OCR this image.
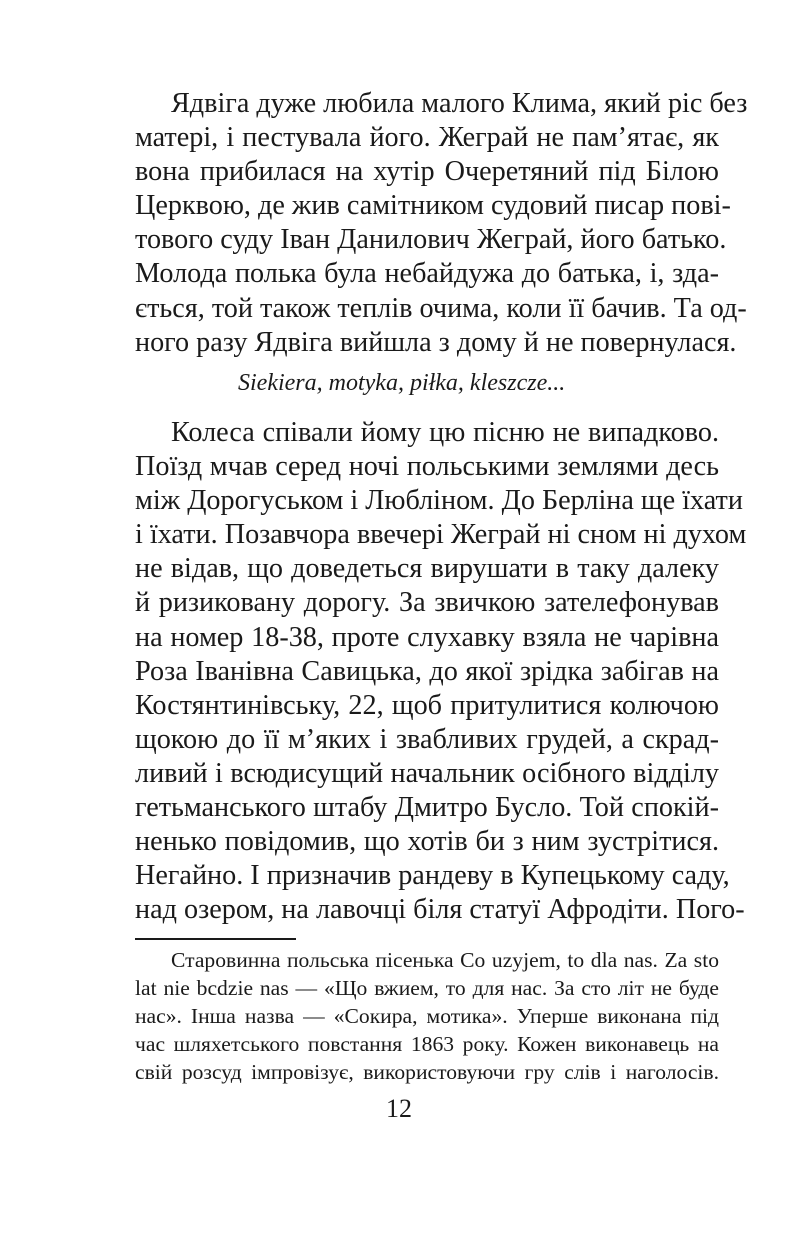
Ядвіга дуже любила малого Клима, який ріс без
матері, і пестувала його. Жеграй не пам’ятає, як
вона прибилася на хутір Очеретяний під Білою
Церквою, де жив самітником судовий писар пові-
тового суду Іван Данилович Жеграй, його батько.
Молода полька була небайдужа до батька, і, зда-
ється, той також теплів очима, коли її бачив. Та од-
ного разу Ядвіга вийшла з дому й не повернулася.
Siekiera, motyka, piłka, kleszcze...
Колеса співали йому цю пісню не випадково.
Поїзд мчав серед ночі польськими землями десь
між Дорогуськом і Любліном. До Берліна ще їхати
і їхати. Позавчора ввечері Жеграй ні сном ні духом
не відав, що доведеться вирушати в таку далеку
й ризиковану дорогу. За звичкою зателефонував
на номер 18-38, проте слухавку взяла не чарівна
Роза Іванівна Савицька, до якої зрідка забігав на
Костянтинівську, 22, щоб притулитися колючою
щокою до її м’яких і звабливих грудей, а скрад-
ливий і всюдисущий начальник осібного відділу
гетьманського штабу Дмитро Бусло. Той спокій-
ненько повідомив, що хотів би з ним зустрітися.
Негайно. І призначив рандеву в Купецькому саду,
над озером, на лавочці біля статуї Афродіти. Пого-
Старовинна польська пісенька Co uzyjem, to dla nas. Za sto
lat nie bсdzie nas — «Що вжием, то для нас. За сто літ не буде
нас». Інша назва — «Сокира, мотика». Уперше виконана під
час шляхетського повстання 1863 року. Кожен виконавець на
свій розсуд імпровізує, використовуючи гру слів і наголосів.
12
